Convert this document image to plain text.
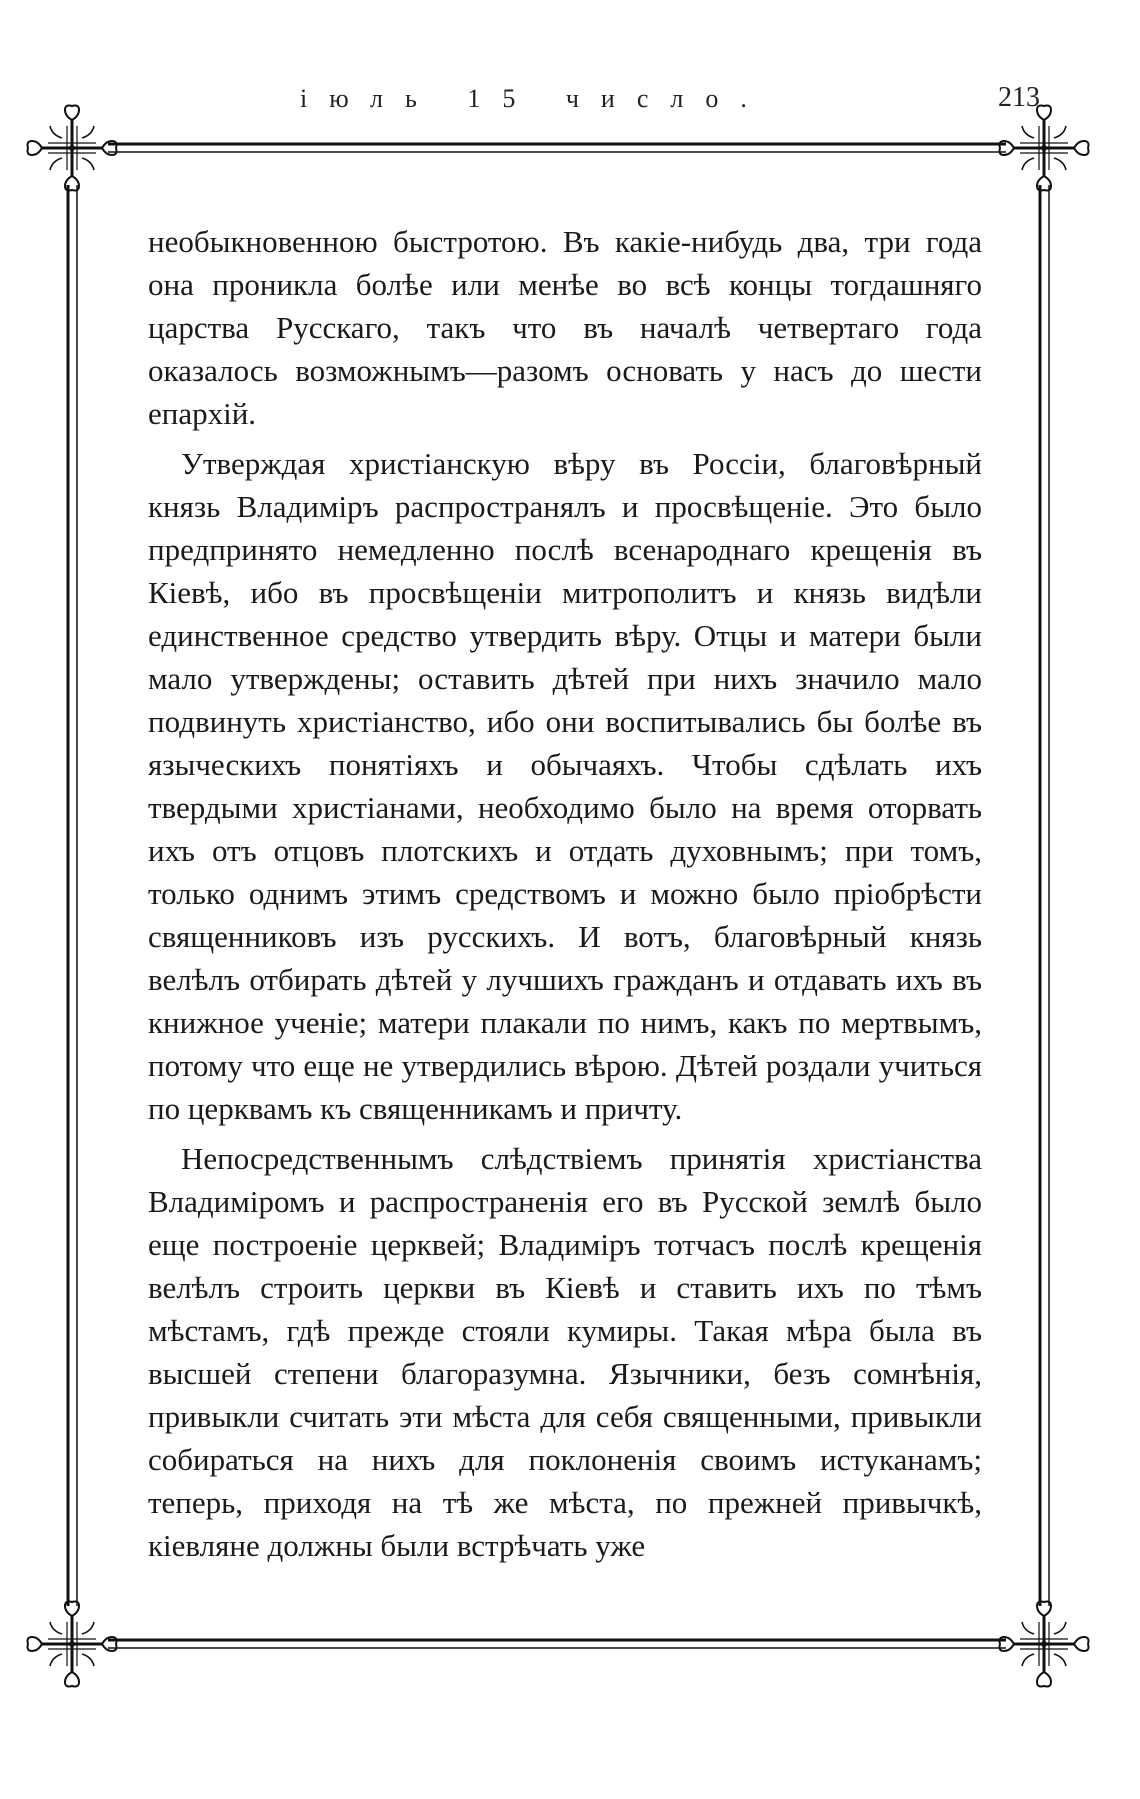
іюль 15 число.	213

необыкновенною быстротою. Въ какіе-нибудь два, три года она проникла болѣе или менѣе во всѣ концы тогдашняго царства Русскаго, такъ что въ началѣ четвертаго года оказалось возможнымъ—разомъ основать у насъ до шести епархій.

Утверждая христіанскую вѣру въ Россіи, благовѣрный князь Владиміръ распространялъ и просвѣщеніе. Это было предпринято немедленно послѣ всенароднаго крещенія въ Кіевѣ, ибо въ просвѣщеніи митрополитъ и князь видѣли единственное средство утвердить вѣру. Отцы и матери были мало утверждены; оставить дѣтей при нихъ значило мало подвинуть христіанство, ибо они воспитывались бы болѣе въ языческихъ понятіяхъ и обычаяхъ. Чтобы сдѣлать ихъ твердыми христіанами, необходимо было на время оторвать ихъ отъ отцовъ плотскихъ и отдать духовнымъ; при томъ, только однимъ этимъ средствомъ и можно было пріобрѣсти священниковъ изъ русскихъ. И вотъ, благовѣрный князь велѣлъ отбирать дѣтей у лучшихъ гражданъ и отдавать ихъ въ книжное ученіе; матери плакали по нимъ, какъ по мертвымъ, потому что еще не утвердились вѣрою. Дѣтей роздали учиться по церквамъ къ священникамъ и причту.

Непосредственнымъ слѣдствіемъ принятія христіанства Владиміромъ и распространенія его въ Русской землѣ было еще построеніе церквей; Владиміръ тотчасъ послѣ крещенія велѣлъ строить церкви въ Кіевѣ и ставить ихъ по тѣмъ мѣстамъ, гдѣ прежде стояли кумиры. Такая мѣра была въ высшей степени благоразумна. Язычники, безъ сомнѣнія, привыкли считать эти мѣста для себя священными, привыкли собираться на нихъ для поклоненія своимъ истуканамъ; теперь, приходя на тѣ же мѣста, по прежней привычкѣ, кіевляне должны были встрѣчать уже
